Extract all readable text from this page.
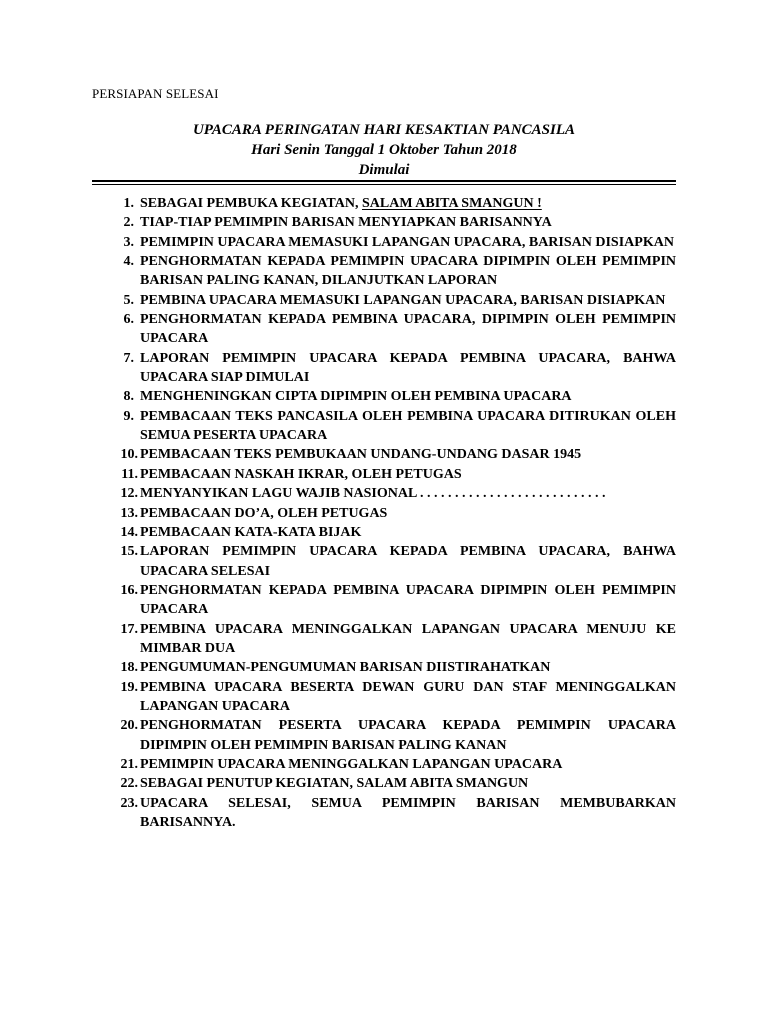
PERSIAPAN SELESAI
UPACARA PERINGATAN HARI KESAKTIAN PANCASILA
Hari Senin Tanggal 1 Oktober Tahun 2018
Dimulai
1. SEBAGAI PEMBUKA KEGIATAN, SALAM ABITA SMANGUN !
2. TIAP-TIAP PEMIMPIN BARISAN MENYIAPKAN BARISANNYA
3. PEMIMPIN UPACARA MEMASUKI LAPANGAN UPACARA, BARISAN DISIAPKAN
4. PENGHORMATAN KEPADA PEMIMPIN UPACARA DIPIMPIN OLEH PEMIMPIN BARISAN PALING KANAN, DILANJUTKAN LAPORAN
5. PEMBINA UPACARA MEMASUKI LAPANGAN UPACARA, BARISAN DISIAPKAN
6. PENGHORMATAN KEPADA PEMBINA UPACARA, DIPIMPIN OLEH PEMIMPIN UPACARA
7. LAPORAN PEMIMPIN UPACARA KEPADA PEMBINA UPACARA, BAHWA UPACARA SIAP DIMULAI
8. MENGHENINGKAN CIPTA DIPIMPIN OLEH PEMBINA UPACARA
9. PEMBACAAN TEKS PANCASILA OLEH PEMBINA UPACARA DITIRUKAN OLEH SEMUA PESERTA UPACARA
10. PEMBACAAN TEKS PEMBUKAAN UNDANG-UNDANG DASAR 1945
11. PEMBACAAN NASKAH IKRAR, OLEH PETUGAS
12. MENYANYIKAN LAGU WAJIB NASIONAL . . . . . . . . . . . . . . . . . . . . . . . . . . .
13. PEMBACAAN DO’A, OLEH PETUGAS
14. PEMBACAAN KATA-KATA BIJAK
15. LAPORAN PEMIMPIN UPACARA KEPADA PEMBINA UPACARA, BAHWA UPACARA SELESAI
16. PENGHORMATAN KEPADA PEMBINA UPACARA DIPIMPIN OLEH PEMIMPIN UPACARA
17. PEMBINA UPACARA MENINGGALKAN LAPANGAN UPACARA MENUJU KE MIMBAR DUA
18. PENGUMUMAN-PENGUMUMAN BARISAN DIISTIRAHATKAN
19. PEMBINA UPACARA BESERTA DEWAN GURU DAN STAF MENINGGALKAN LAPANGAN UPACARA
20. PENGHORMATAN PESERTA UPACARA KEPADA PEMIMPIN UPACARA DIPIMPIN OLEH PEMIMPIN BARISAN PALING KANAN
21. PEMIMPIN UPACARA MENINGGALKAN LAPANGAN UPACARA
22. SEBAGAI PENUTUP KEGIATAN, SALAM ABITA SMANGUN
23. UPACARA SELESAI, SEMUA PEMIMPIN BARISAN MEMBUBARKAN BARISANNYA.
